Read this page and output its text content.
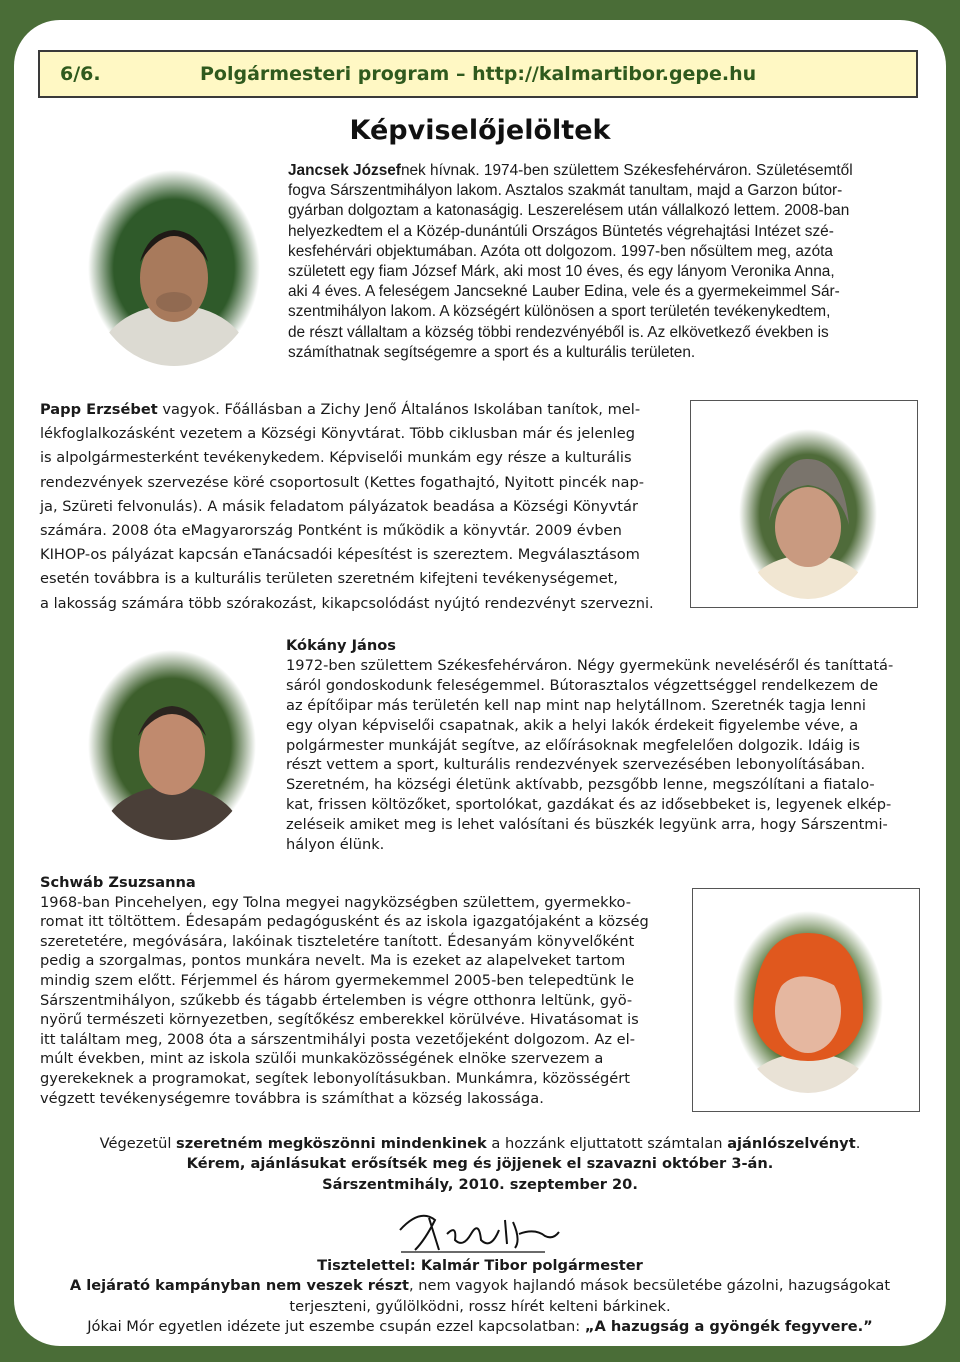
6/6.	Polgármesteri program – http://kalmartibor.gepe.hu
Képviselőjelöltek
Jancsek Józsefnek hívnak. 1974-ben születtem Székesfehérváron. Születésemtől
fogva Sárszentmihályon lakom. Asztalos szakmát tanultam, majd a Garzon bútor-
gyárban dolgoztam a katonaságig. Leszerelésem után vállalkozó lettem. 2008-ban
helyezkedtem el a Közép-dunántúli Országos Büntetés végrehajtási Intézet szé-
kesfehérvári objektumában. Azóta ott dolgozom. 1997-ben nősültem meg, azóta
született egy fiam József Márk, aki most 10 éves, és egy lányom Veronika Anna,
aki 4 éves. A feleségem Jancsekné Lauber Edina, vele és a gyermekeimmel Sár-
szentmihályon lakom. A községért különösen a sport területén tevékenykedtem,
de részt vállaltam a község többi rendezvényéből is. Az elkövetkező években is
számíthatnak segítségemre a sport és a kulturális területen.
Papp Erzsébet vagyok. Főállásban a Zichy Jenő Általános Iskolában tanítok, mel-
lékfoglalkozásként vezetem a Községi Könyvtárat. Több ciklusban már és jelenleg
is alpolgármesterként tevékenykedem. Képviselői munkám egy része a kulturális
rendezvények szervezése köré csoportosult (Kettes fogathajtó, Nyitott pincék nap-
ja, Szüreti felvonulás). A másik feladatom pályázatok beadása a Községi Könyvtár
számára. 2008 óta eMagyarország Pontként is működik a könyvtár. 2009 évben
KIHOP-os pályázat kapcsán eTanácsadói képesítést is szereztem. Megválasztásom
esetén továbbra is a kulturális területen szeretném kifejteni tevékenységemet,
a lakosság számára több szórakozást, kikapcsolódást nyújtó rendezvényt szervezni.
Kókány János
1972-ben születtem Székesfehérváron. Négy gyermekünk neveléséről és taníttatá-
sáról gondoskodunk feleségemmel. Bútorasztalos végzettséggel rendelkezem de
az építőipar más területén kell nap mint nap helytállnom. Szeretnék tagja lenni
egy olyan képviselői csapatnak, akik a helyi lakók érdekeit figyelembe véve, a
polgármester munkáját segítve, az előírásoknak megfelelően dolgozik. Idáig is
részt vettem a sport, kulturális rendezvények szervezésében lebonyolításában.
Szeretném, ha községi életünk aktívabb, pezsgőbb lenne, megszólítani a fiatalo-
kat, frissen költözőket, sportolókat, gazdákat és az idősebbeket is, legyenek elkép-
zeléseik amiket meg is lehet valósítani és büszkék legyünk arra, hogy Sárszentmi-
hályon élünk.
Schwáb Zsuzsanna
1968-ban Pincehelyen, egy Tolna megyei nagyközségben születtem, gyermekko-
romat itt töltöttem. Édesapám pedagógusként és az iskola igazgatójaként a község
szeretetére, megóvására, lakóinak tiszteletére tanított. Édesanyám könyvelőként
pedig a szorgalmas, pontos munkára nevelt. Ma is ezeket az alapelveket tartom
mindig szem előtt. Férjemmel és három gyermekemmel 2005-ben telepedtünk le
Sárszentmihályon, szűkebb és tágabb értelemben is végre otthonra leltünk, gyö-
nyörű természeti környezetben, segítőkész emberekkel körülvéve. Hivatásomat is
itt találtam meg, 2008 óta a sárszentmihályi posta vezetőjeként dolgozom. Az el-
múlt években, mint az iskola szülői munkaközösségének elnöke szervezem a
gyerekeknek a programokat, segítek lebonyolításukban. Munkámra, közösségért
végzett tevékenységemre továbbra is számíthat a község lakossága.
Végezetül szeretném megköszönni mindenkinek a hozzánk eljuttatott számtalan ajánlószelvényt.
Kérem, ajánlásukat erősítsék meg és jöjjenek el szavazni október 3-án.
Sárszentmihály, 2010. szeptember 20.
Tisztelettel: Kalmár Tibor polgármester
A lejárató kampányban nem veszek részt, nem vagyok hajlandó mások becsületébe gázolni, hazugságokat
terjeszteni, gyűlölködni, rossz hírét kelteni bárkinek.
Jókai Mór egyetlen idézete jut eszembe csupán ezzel kapcsolatban: „A hazugság a gyöngék fegyvere.”
